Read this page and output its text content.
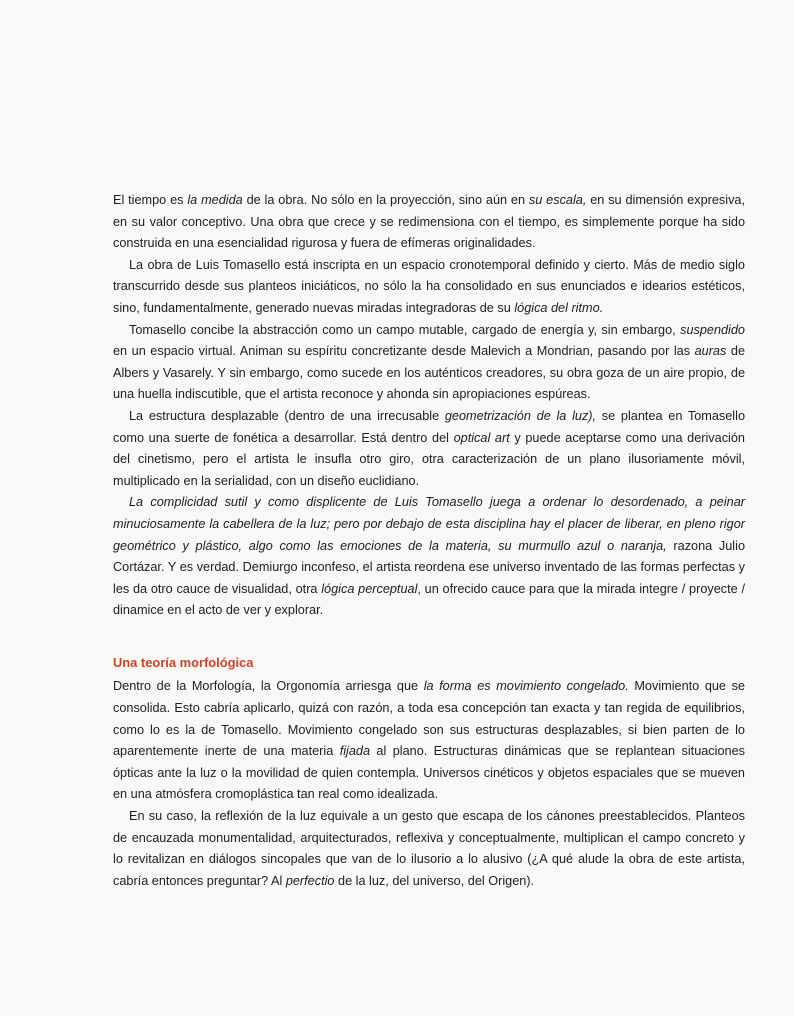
El tiempo es la medida de la obra. No sólo en la proyección, sino aún en su escala, en su dimensión expresiva, en su valor conceptivo. Una obra que crece y se redimensiona con el tiempo, es simplemente porque ha sido construida en una esencialidad rigurosa y fuera de efímeras originalidades.

La obra de Luis Tomasello está inscripta en un espacio cronotemporal definido y cierto. Más de medio siglo transcurrido desde sus planteos iniciáticos, no sólo la ha consolidado en sus enunciados e idearios estéticos, sino, fundamentalmente, generado nuevas miradas integradoras de su lógica del ritmo.

Tomasello concibe la abstracción como un campo mutable, cargado de energía y, sin embargo, suspendido en un espacio virtual. Animan su espíritu concretizante desde Malevich a Mondrian, pasando por las auras de Albers y Vasarely. Y sin embargo, como sucede en los auténticos creadores, su obra goza de un aire propio, de una huella indiscutible, que el artista reconoce y ahonda sin apropiaciones espúreas.

La estructura desplazable (dentro de una irrecusable geometrización de la luz), se plantea en Tomasello como una suerte de fonética a desarrollar. Está dentro del optical art y puede aceptarse como una derivación del cinetismo, pero el artista le insufla otro giro, otra caracterización de un plano ilusoriamente móvil, multiplicado en la serialidad, con un diseño euclidiano.

La complicidad sutil y como displicente de Luis Tomasello juega a ordenar lo desordenado, a peinar minuciosamente la cabellera de la luz; pero por debajo de esta disciplina hay el placer de liberar, en pleno rigor geométrico y plástico, algo como las emociones de la materia, su murmullo azul o naranja, razona Julio Cortázar. Y es verdad. Demiurgo inconfeso, el artista reordena ese universo inventado de las formas perfectas y les da otro cauce de visualidad, otra lógica perceptual, un ofrecido cauce para que la mirada integre / proyecte / dinamice en el acto de ver y explorar.

Una teoría morfológica

Dentro de la Morfología, la Orgonomía arriesga que la forma es movimiento congelado. Movimiento que se consolida. Esto cabría aplicarlo, quizá con razón, a toda esa concepción tan exacta y tan regida de equilibrios, como lo es la de Tomasello. Movimiento congelado son sus estructuras desplazables, si bien parten de lo aparentemente inerte de una materia fijada al plano. Estructuras dinámicas que se replantean situaciones ópticas ante la luz o la movilidad de quien contempla. Universos cinéticos y objetos espaciales que se mueven en una atmósfera cromoplástica tan real como idealizada.

En su caso, la reflexión de la luz equivale a un gesto que escapa de los cánones preestablecidos. Planteos de encauzada monumentalidad, arquitecturados, reflexiva y conceptualmente, multiplican el campo concreto y lo revitalizan en diálogos sincopales que van de lo ilusorio a lo alusivo (¿A qué alude la obra de este artista, cabría entonces preguntar? Al perfectio de la luz, del universo, del Origen).
